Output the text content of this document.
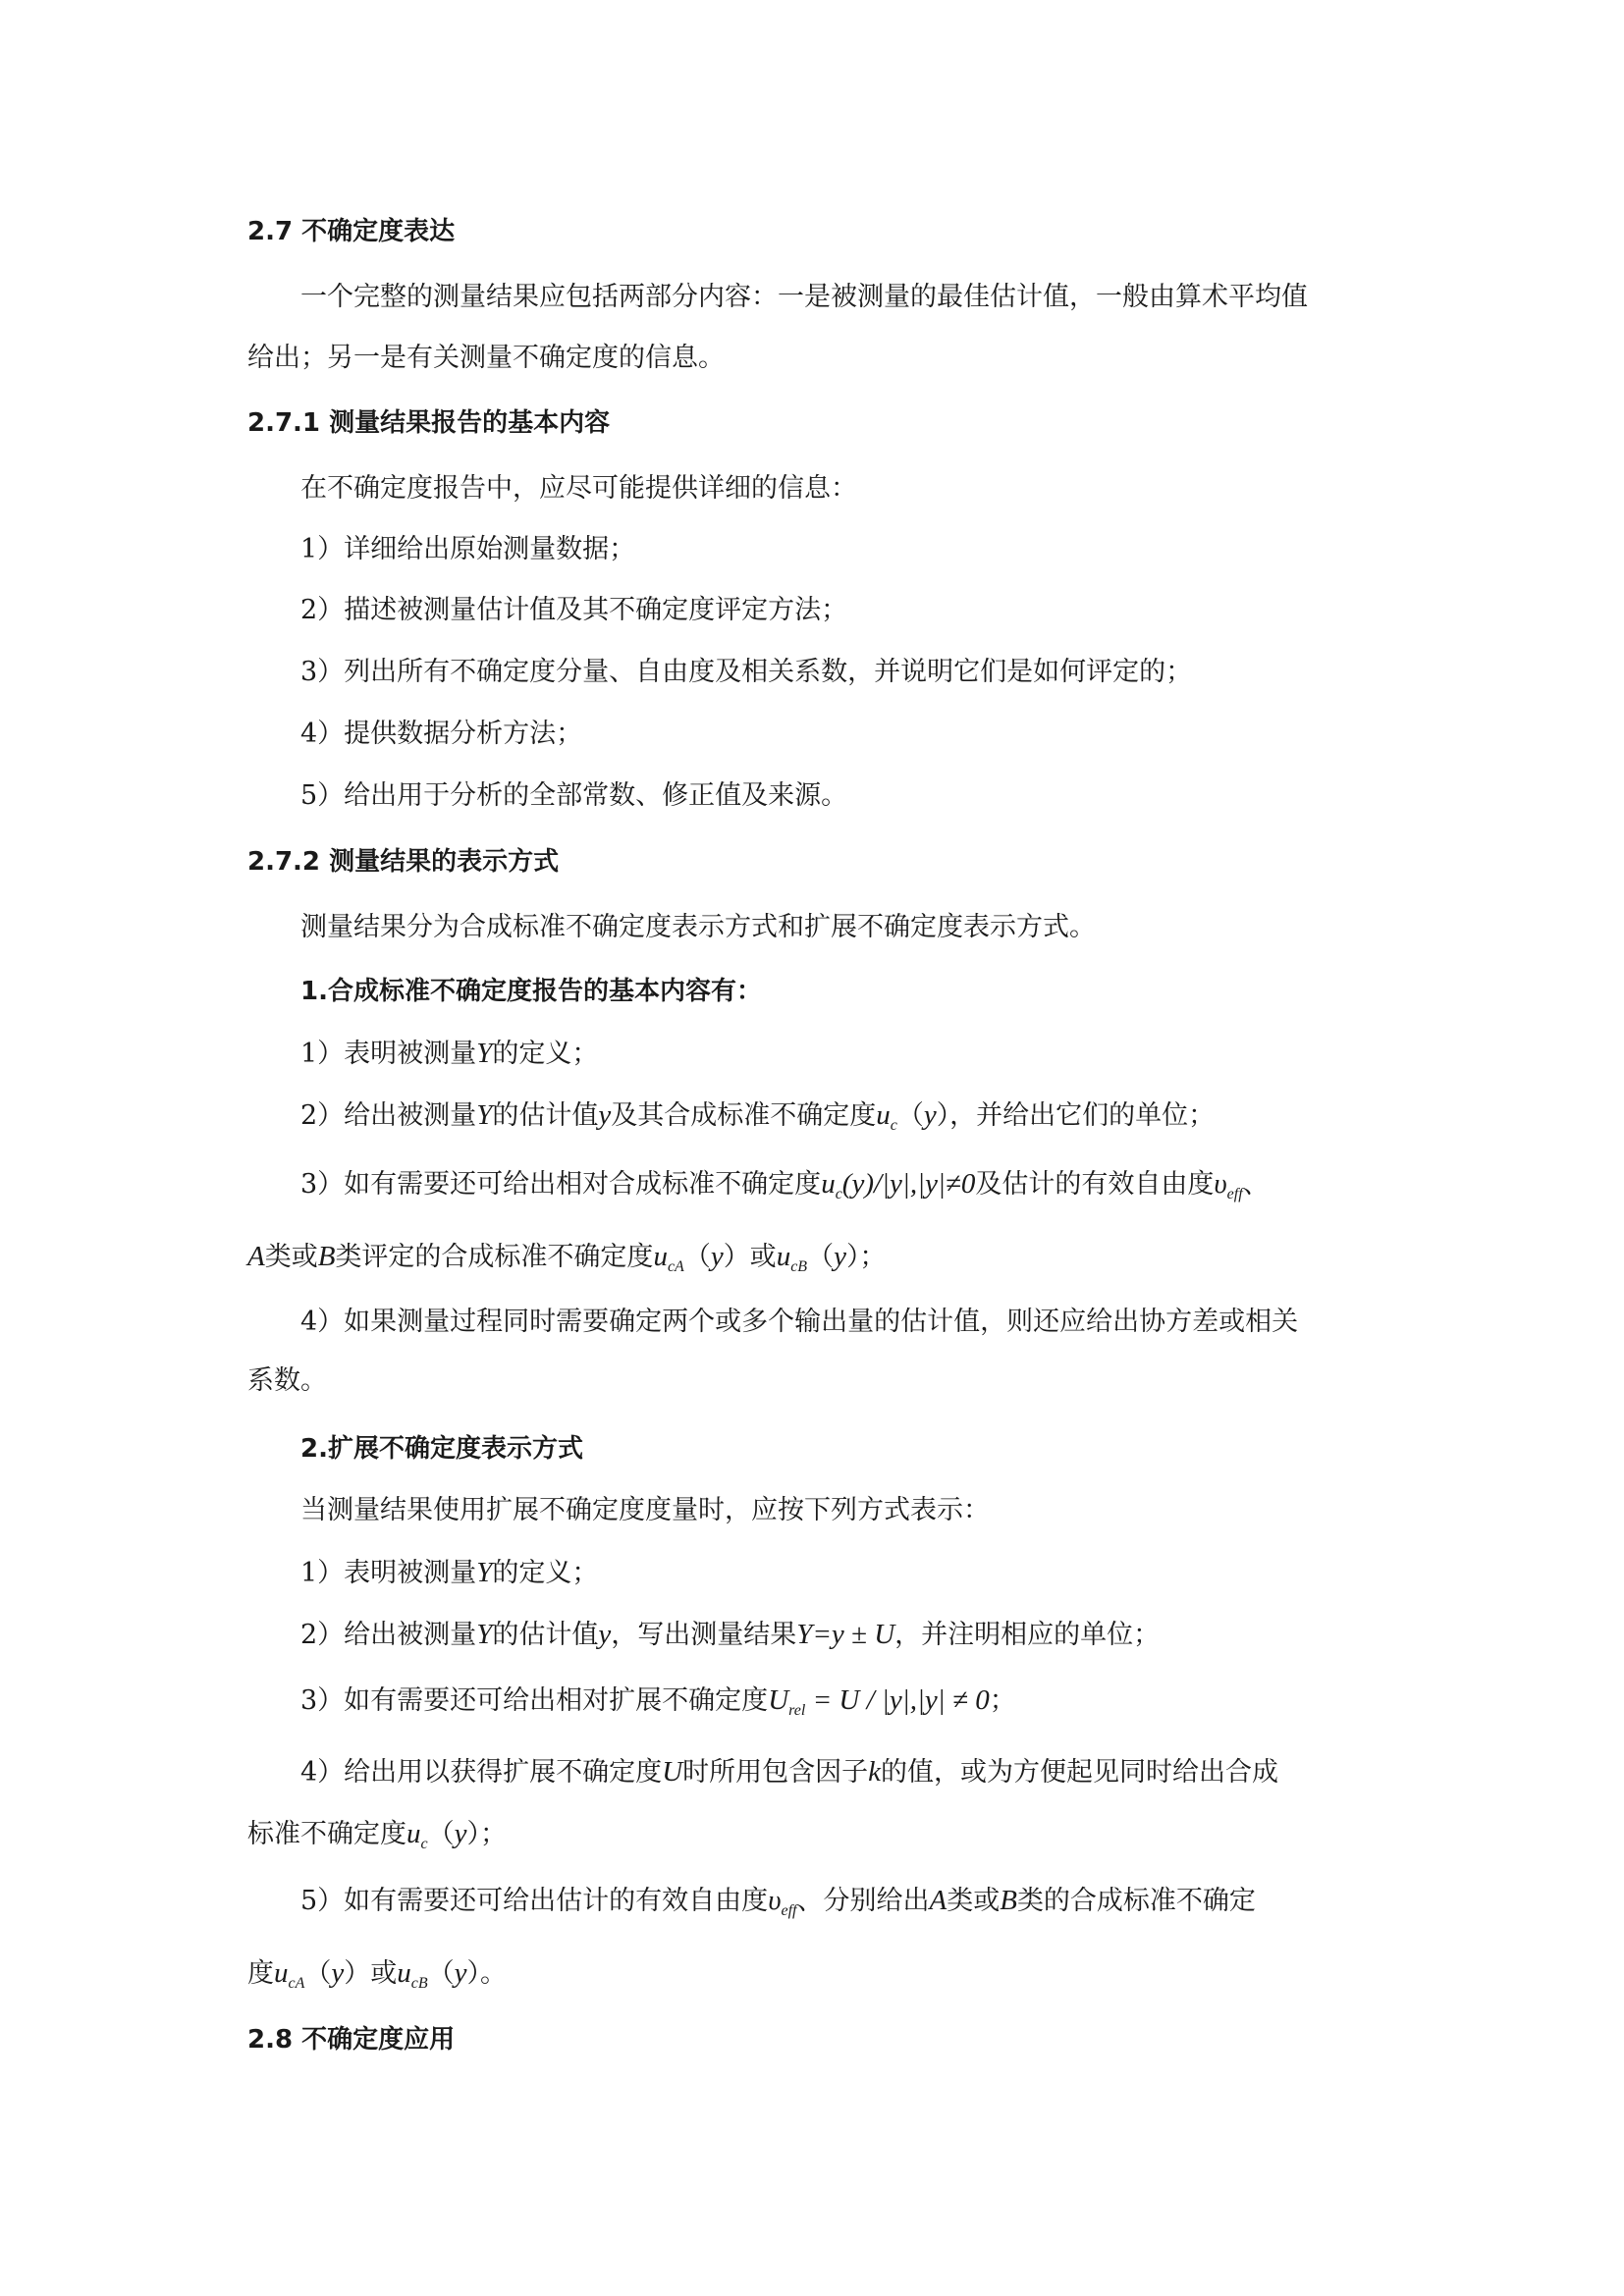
2.7 不确定度表达
一个完整的测量结果应包括两部分内容：一是被测量的最佳估计值，一般由算术平均值
给出；另一是有关测量不确定度的信息。
2.7.1 测量结果报告的基本内容
在不确定度报告中，应尽可能提供详细的信息：
1）详细给出原始测量数据；
2）描述被测量估计值及其不确定度评定方法；
3）列出所有不确定度分量、自由度及相关系数，并说明它们是如何评定的；
4）提供数据分析方法；
5）给出用于分析的全部常数、修正值及来源。
2.7.2 测量结果的表示方式
测量结果分为合成标准不确定度表示方式和扩展不确定度表示方式。
1.合成标准不确定度报告的基本内容有：
1）表明被测量Y的定义；
2）给出被测量Y的估计值y及其合成标准不确定度$u_c(y)$，并给出它们的单位；
3）如有需要还可给出相对合成标准不确定度$u_c(y)/|y|,|y|\ne 0$及估计的有效自由度$\upsilon_{eff}$、
A类或B类评定的合成标准不确定度$u_{cA}(y)$或$u_{cB}(y)$；
4）如果测量过程同时需要确定两个或多个输出量的估计值，则还应给出协方差或相关
系数。
2.扩展不确定度表示方式
当测量结果使用扩展不确定度度量时，应按下列方式表示：
1）表明被测量Y的定义；
2）给出被测量Y的估计值y，写出测量结果Y=y ± U，并注明相应的单位；
3）如有需要还可给出相对扩展不确定度$U_{rel} = U / |y|,|y| \ne 0$；
4）给出用以获得扩展不确定度U时所用包含因子k的值，或为方便起见同时给出合成
标准不确定度$u_c(y)$；
5）如有需要还可给出估计的有效自由度$\upsilon_{eff}$、分别给出A类或B类的合成标准不确定
度$u_{cA}(y)$或$u_{cB}(y)$。
2.8 不确定度应用
